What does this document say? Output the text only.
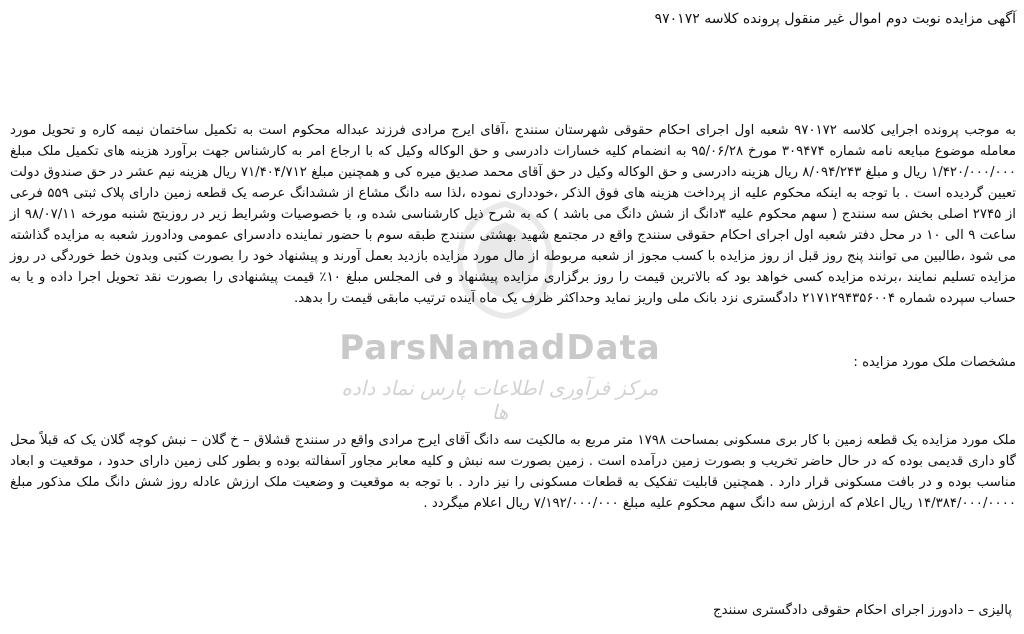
ParsNamadData
مرکز فرآوری اطلاعات پارس نماد داده ها
آگهی مزایده نوبت دوم اموال غیر منقول پرونده کلاسه ۹۷۰۱۷۲

به موجب پرونده اجرایی کلاسه ۹۷۰۱۷۲ شعبه اول اجرای احکام حقوقی شهرستان سنندج ،آقای ایرج مرادی فرزند عبداله محکوم است به تکمیل ساختمان نیمه کاره و تحویل مورد معامله موضوع مبایعه نامه شماره ۳۰۹۴۷۴ مورخ ۹۵/۰۶/۲۸ به انضمام کلیه خسارات دادرسی و حق الوکاله وکیل که با ارجاع امر به کارشناس جهت برآورد هزینه های تکمیل ملک مبلغ ۱/۴۲۰/۰۰۰/۰۰۰ ریال و مبلغ ۸/۰۹۴/۲۴۳ ریال هزینه دادرسی و حق الوکاله وکیل در حق آقای محمد صدیق میره کی و همچنین مبلغ ۷۱/۴۰۴/۷۱۲ ریال هزینه نیم عشر در حق صندوق دولت تعیین گردیده است . با توجه به اینکه محکوم علیه از پرداخت هزینه های فوق الذکر ،خودداری نموده ،لذا سه دانگ مشاع از ششدانگ عرصه یک قطعه زمین دارای پلاک ثبتی ۵۵۹ فرعی از ۲۷۴۵ اصلی بخش سه سنندج ( سهم محکوم علیه ۳دانگ از شش دانگ می باشد ) که به شرح ذیل کارشناسی شده و، با خصوصیات وشرایط زیر در روزیتج شنبه مورخه ۹۸/۰۷/۱۱ از ساعت ۹ الی ۱۰ در محل دفتر شعبه اول اجرای احکام حقوقی سنندج واقع در مجتمع شهید بهشتی سنندج طبقه سوم با حضور نماینده دادسرای عمومی ودادورز شعبه به مزایده گذاشته می شود ،طالبین می توانند پنج روز قبل از روز مزایده با کسب مجوز از شعبه مربوطه از مال مورد مزایده بازدید بعمل آورند و پیشنهاد خود را بصورت کتبی وبدون خط خوردگی در روز مزایده تسلیم نمایند ،برنده مزایده کسی خواهد بود که بالاترین قیمت را روز برگزاری مزایده پیشنهاد و فی المجلس مبلغ ۱۰٪ قیمت پیشنهادی را بصورت نقد تحویل اجرا داده و یا به حساب سپرده شماره ۲۱۷۱۲۹۴۳۵۶۰۰۴ دادگستری نزد بانک ملی واریز نماید وحداکثر ظرف یک ماه آینده ترتیب مابقی قیمت را بدهد.

مشخصات ملک مورد مزایده :

ملک مورد مزایده یک قطعه زمین با کار بری مسکونی بمساحت ۱۷۹۸ متر مربع به مالکیت سه دانگ آقای ایرج مرادی واقع در سنندج قشلاق – خ گلان – نبش کوچه گلان یک که قبلاً محل گاو داری قدیمی بوده که در حال حاضر تخریب و بصورت زمین درآمده است . زمین بصورت سه نبش و کلیه معابر مجاور آسفالته بوده و بطور کلی زمین دارای حدود ، موقعیت و ابعاد مناسب بوده و در بافت مسکونی قرار دارد . همچنین قابلیت تفکیک به قطعات مسکونی را نیز دارد . با توجه به موقعیت و وضعیت ملک ارزش عادله روز شش دانگ ملک مذکور مبلغ ۱۴/۳۸۴/۰۰۰/۰۰۰۰ ریال اعلام که ارزش سه دانگ سهم محکوم علیه مبلغ ۷/۱۹۲/۰۰۰/۰۰۰ ریال اعلام میگردد .

پالیزی – دادورز اجرای احکام حقوقی دادگستری سنندج
